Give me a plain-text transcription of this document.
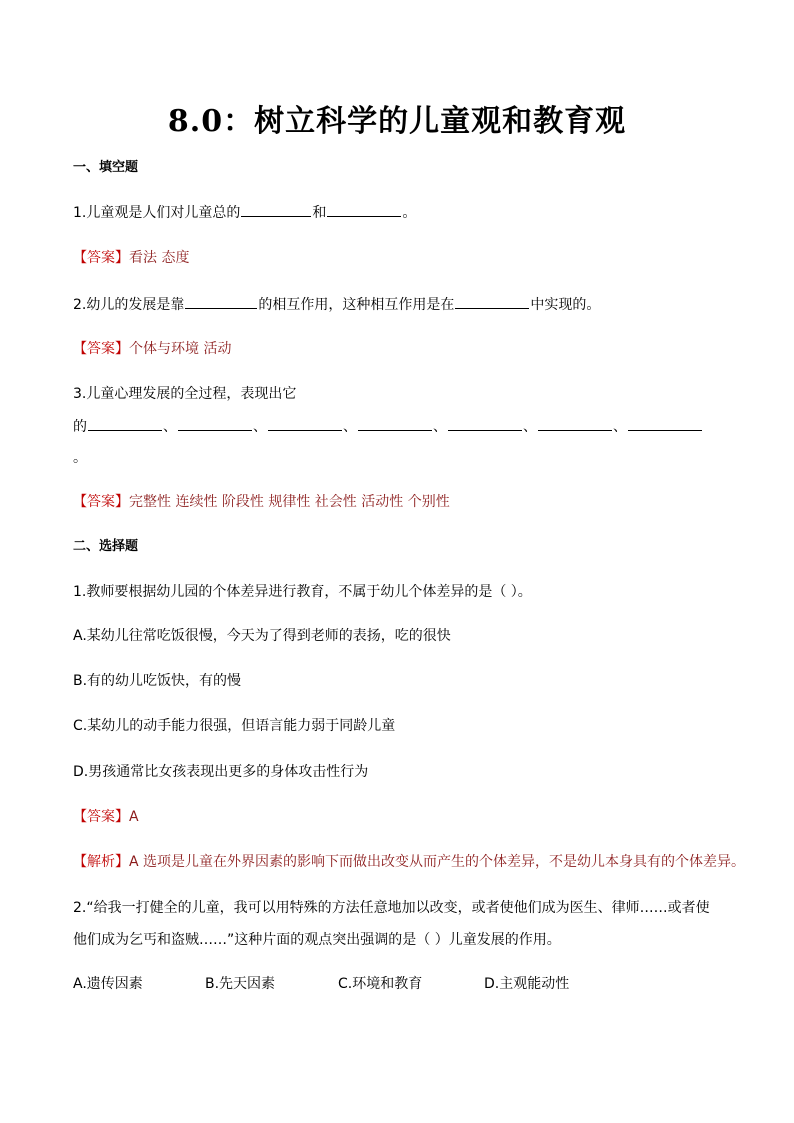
8.0：树立科学的儿童观和教育观
一、填空题
1.儿童观是人们对儿童总的	和	。
【答案】看法 态度
2.幼儿的发展是靠	的相互作用，这种相互作用是在	中实现的。
【答案】个体与环境 活动
3.儿童心理发展的全过程，表现出它
的	、	、	、	、	、	、
。
【答案】完整性 连续性 阶段性 规律性 社会性 活动性 个别性
二、选择题
1.教师要根据幼儿园的个体差异进行教育，不属于幼儿个体差异的是（ ）。
A.某幼儿往常吃饭很慢，今天为了得到老师的表扬，吃的很快
B.有的幼儿吃饭快，有的慢
C.某幼儿的动手能力很强，但语言能力弱于同龄儿童
D.男孩通常比女孩表现出更多的身体攻击性行为
【答案】A
【解析】A 选项是儿童在外界因素的影响下而做出改变从而产生的个体差异，不是幼儿本身具有的个体差异。
2.“给我一打健全的儿童，我可以用特殊的方法任意地加以改变，或者使他们成为医生、律师……或者使
他们成为乞丐和盗贼……”这种片面的观点突出强调的是（ ）儿童发展的作用。
A.遗传因素	B.先天因素	C.环境和教育	D.主观能动性
